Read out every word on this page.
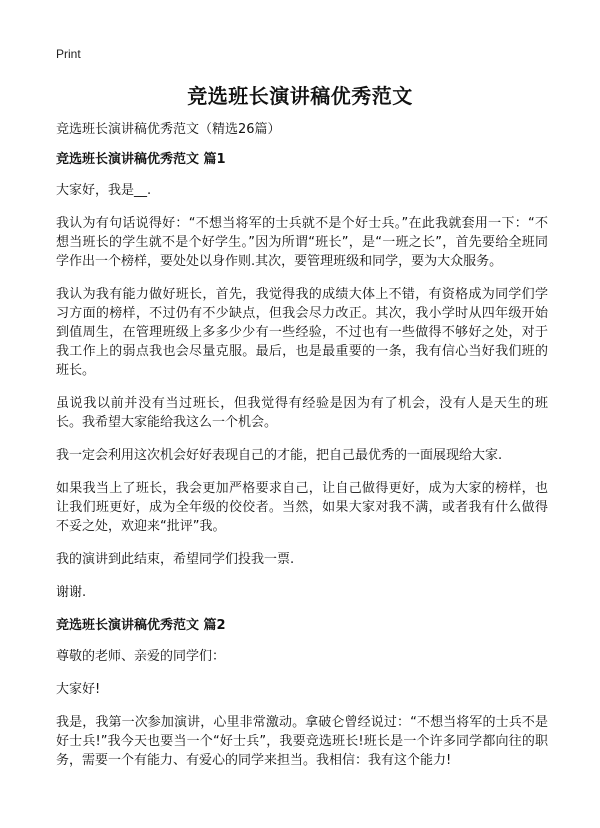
Print
竞选班长演讲稿优秀范文

竞选班长演讲稿优秀范文（精选26篇）

竞选班长演讲稿优秀范文 篇1

大家好，我是__.

我认为有句话说得好：“不想当将军的士兵就不是个好士兵。”在此我就套用一下：“不想当班长的学生就不是个好学生。”因为所谓“班长”，是“一班之长”，首先要给全班同学作出一个榜样，要处处以身作则.其次，要管理班级和同学，要为大众服务。

我认为我有能力做好班长，首先，我觉得我的成绩大体上不错，有资格成为同学们学习方面的榜样，不过仍有不少缺点，但我会尽力改正。其次，我小学时从四年级开始到值周生，在管理班级上多多少少有一些经验，不过也有一些做得不够好之处，对于我工作上的弱点我也会尽量克服。最后，也是最重要的一条，我有信心当好我们班的班长。

虽说我以前并没有当过班长，但我觉得有经验是因为有了机会，没有人是天生的班长。我希望大家能给我这么一个机会。

我一定会利用这次机会好好表现自己的才能，把自己最优秀的一面展现给大家.

如果我当上了班长，我会更加严格要求自己，让自己做得更好，成为大家的榜样，也让我们班更好，成为全年级的佼佼者。当然，如果大家对我不满，或者我有什么做得不妥之处，欢迎来“批评”我。

我的演讲到此结束，希望同学们投我一票.

谢谢.

竞选班长演讲稿优秀范文 篇2

尊敬的老师、亲爱的同学们：

大家好!

我是，我第一次参加演讲，心里非常激动。拿破仑曾经说过：“不想当将军的士兵不是好士兵!”我今天也要当一个“好士兵”，我要竞选班长!班长是一个许多同学都向往的职务，需要一个有能力、有爱心的同学来担当。我相信：我有这个能力!
